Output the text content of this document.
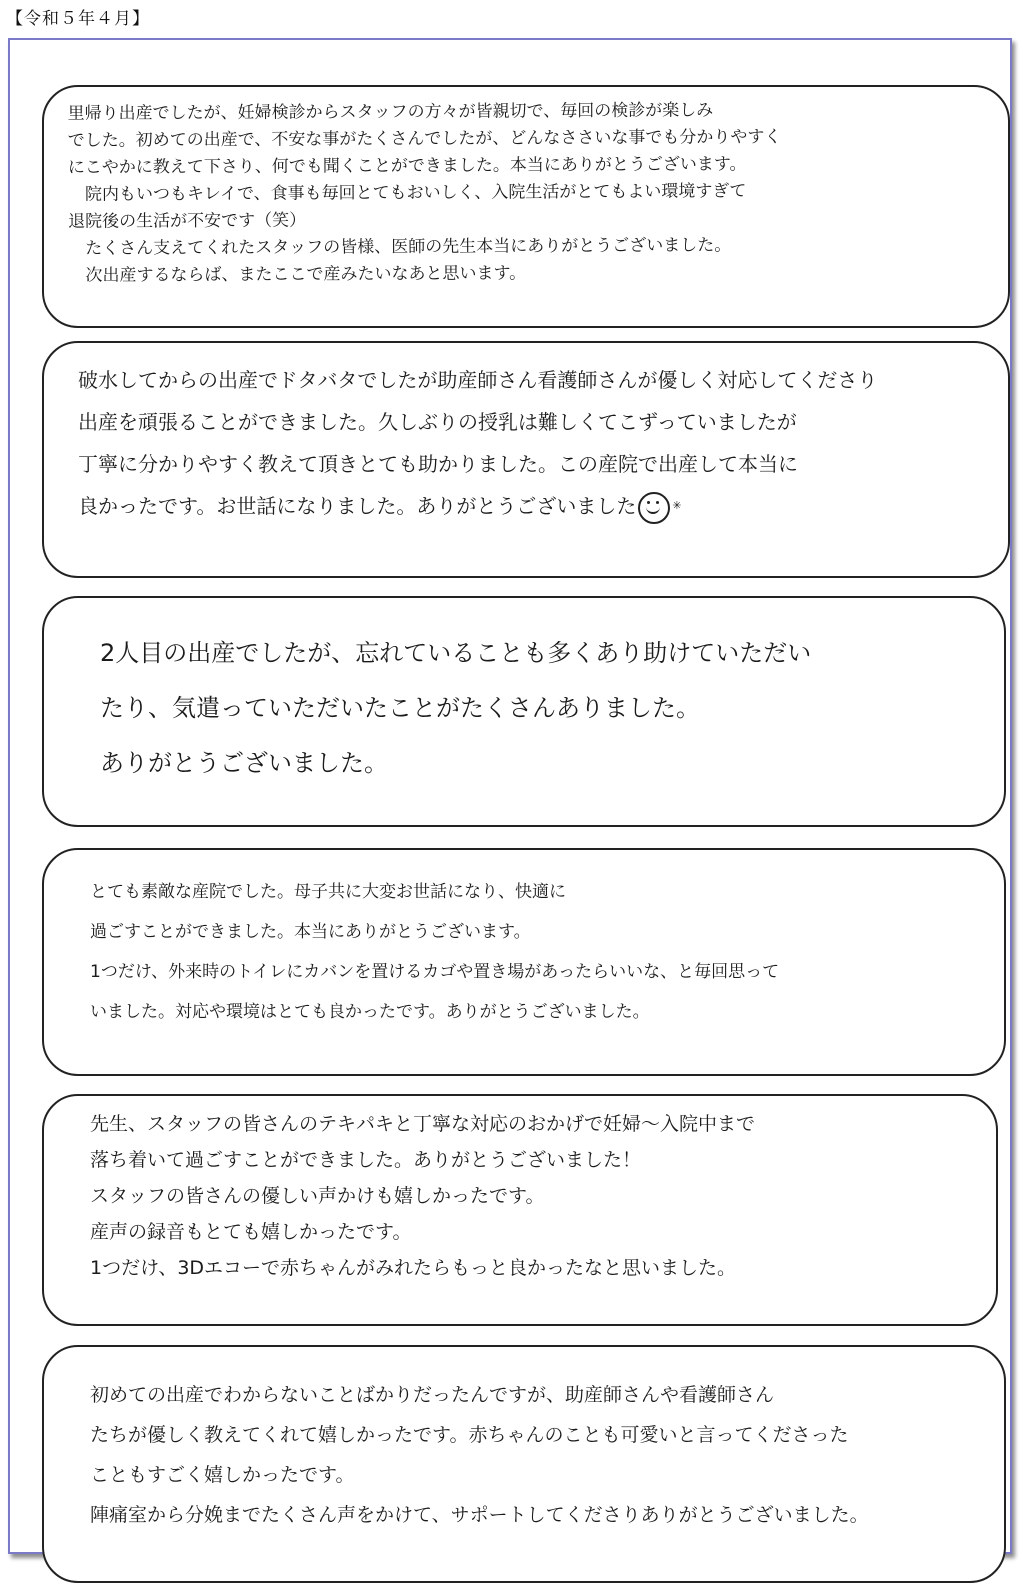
【令和５年４月】
里帰り出産でしたが、妊婦検診からスタッフの方々が皆親切で、毎回の検診が楽しみ
でした。初めての出産で、不安な事がたくさんでしたが、どんなささいな事でも分かりやすく
にこやかに教えて下さり、何でも聞くことができました。本当にありがとうございます。
　院内もいつもキレイで、食事も毎回とてもおいしく、入院生活がとてもよい環境すぎて
退院後の生活が不安です（笑）
　たくさん支えてくれたスタッフの皆様、医師の先生本当にありがとうございました。
　次出産するならば、またここで産みたいなあと思います。
破水してからの出産でドタバタでしたが助産師さん看護師さんが優しく対応してくださり
出産を頑張ることができました。久しぶりの授乳は難しくてこずっていましたが
丁寧に分かりやすく教えて頂きとても助かりました。この産院で出産して本当に
良かったです。お世話になりました。ありがとうございました	✳
2人目の出産でしたが、忘れていることも多くあり助けていただい
たり、気遣っていただいたことがたくさんありました。
ありがとうございました。
とても素敵な産院でした。母子共に大変お世話になり、快適に
過ごすことができました。本当にありがとうございます。
1つだけ、外来時のトイレにカバンを置けるカゴや置き場があったらいいな、と毎回思って
いました。対応や環境はとても良かったです。ありがとうございました。
先生、スタッフの皆さんのテキパキと丁寧な対応のおかげで妊婦～入院中まで
落ち着いて過ごすことができました。ありがとうございました！
スタッフの皆さんの優しい声かけも嬉しかったです。
産声の録音もとても嬉しかったです。
1つだけ、3Dエコーで赤ちゃんがみれたらもっと良かったなと思いました。
初めての出産でわからないことばかりだったんですが、助産師さんや看護師さん
たちが優しく教えてくれて嬉しかったです。赤ちゃんのことも可愛いと言ってくださった
こともすごく嬉しかったです。
陣痛室から分娩までたくさん声をかけて、サポートしてくださりありがとうございました。
